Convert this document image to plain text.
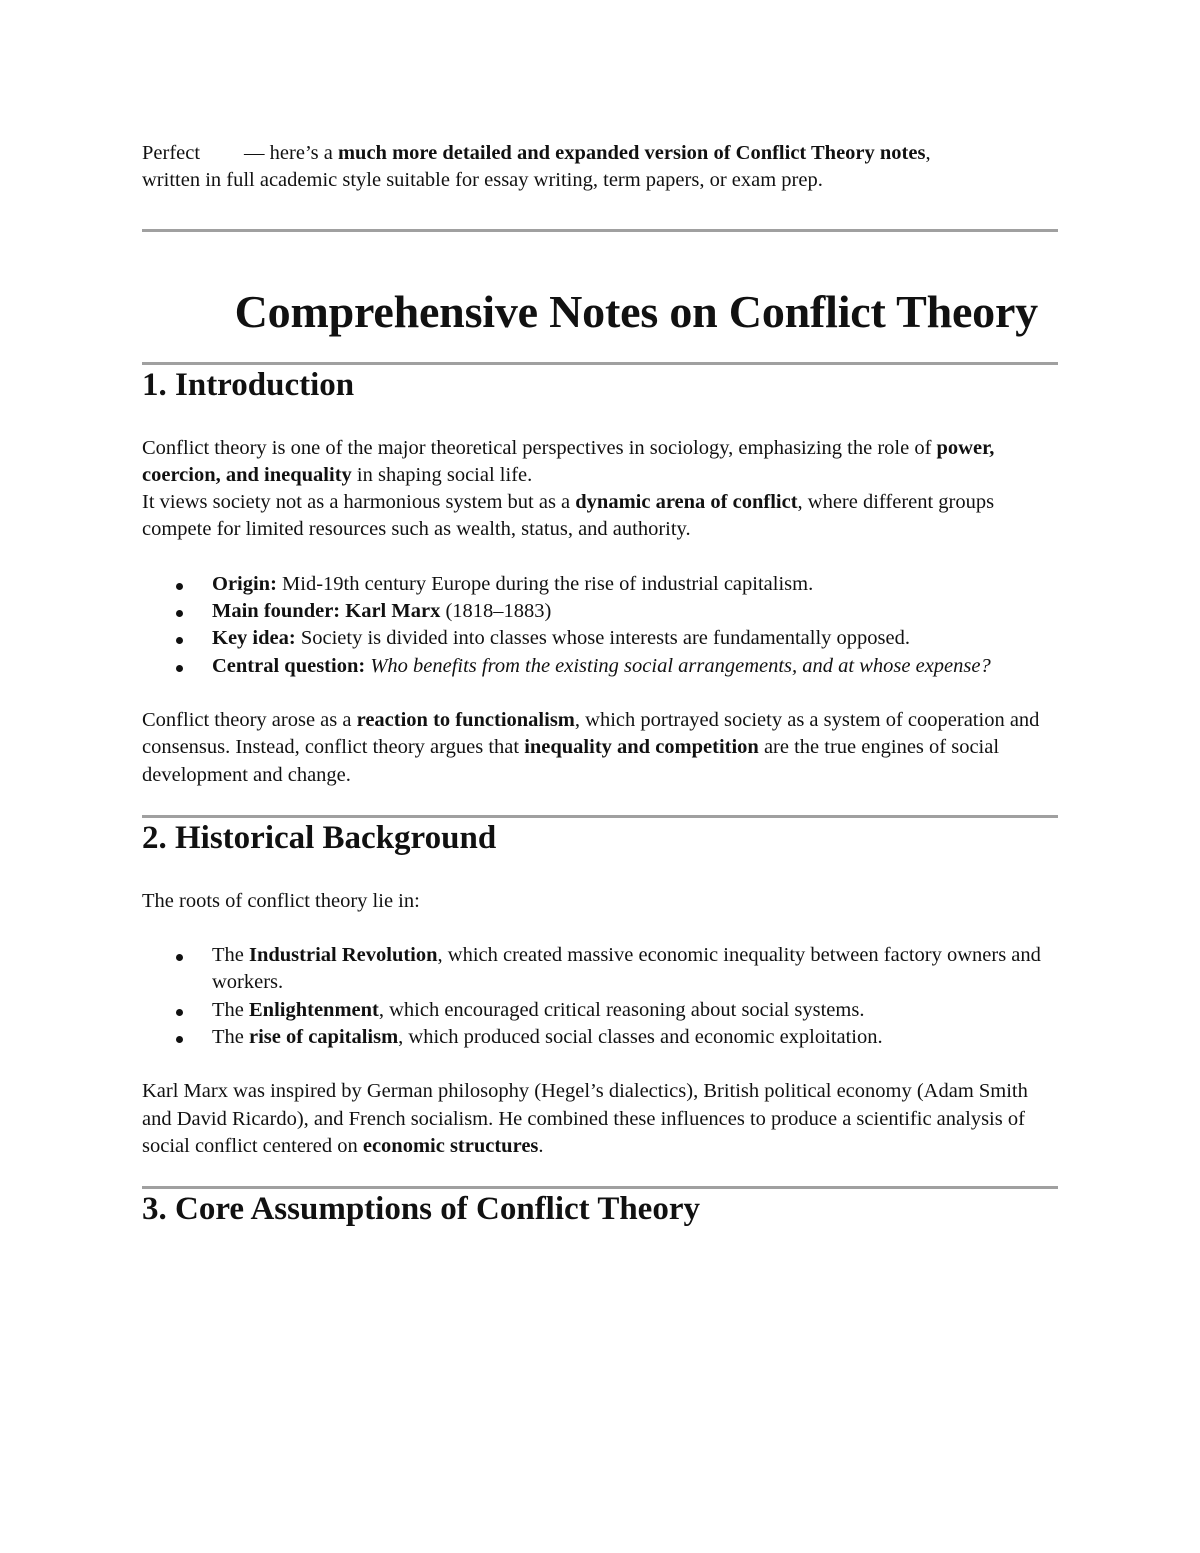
Perfect — here’s a much more detailed and expanded version of Conflict Theory notes,
written in full academic style suitable for essay writing, term papers, or exam prep.

Comprehensive Notes on Conflict Theory
1. Introduction

Conflict theory is one of the major theoretical perspectives in sociology, emphasizing the role of power, coercion, and inequality in shaping social life.
It views society not as a harmonious system but as a dynamic arena of conflict, where different groups compete for limited resources such as wealth, status, and authority.

Origin: Mid-19th century Europe during the rise of industrial capitalism.
Main founder: Karl Marx (1818–1883)
Key idea: Society is divided into classes whose interests are fundamentally opposed.
Central question: Who benefits from the existing social arrangements, and at whose expense?

Conflict theory arose as a reaction to functionalism, which portrayed society as a system of cooperation and consensus. Instead, conflict theory argues that inequality and competition are the true engines of social development and change.

2. Historical Background

The roots of conflict theory lie in:

The Industrial Revolution, which created massive economic inequality between factory owners and workers.
The Enlightenment, which encouraged critical reasoning about social systems.
The rise of capitalism, which produced social classes and economic exploitation.

Karl Marx was inspired by German philosophy (Hegel’s dialectics), British political economy (Adam Smith and David Ricardo), and French socialism. He combined these influences to produce a scientific analysis of social conflict centered on economic structures.

3. Core Assumptions of Conflict Theory
